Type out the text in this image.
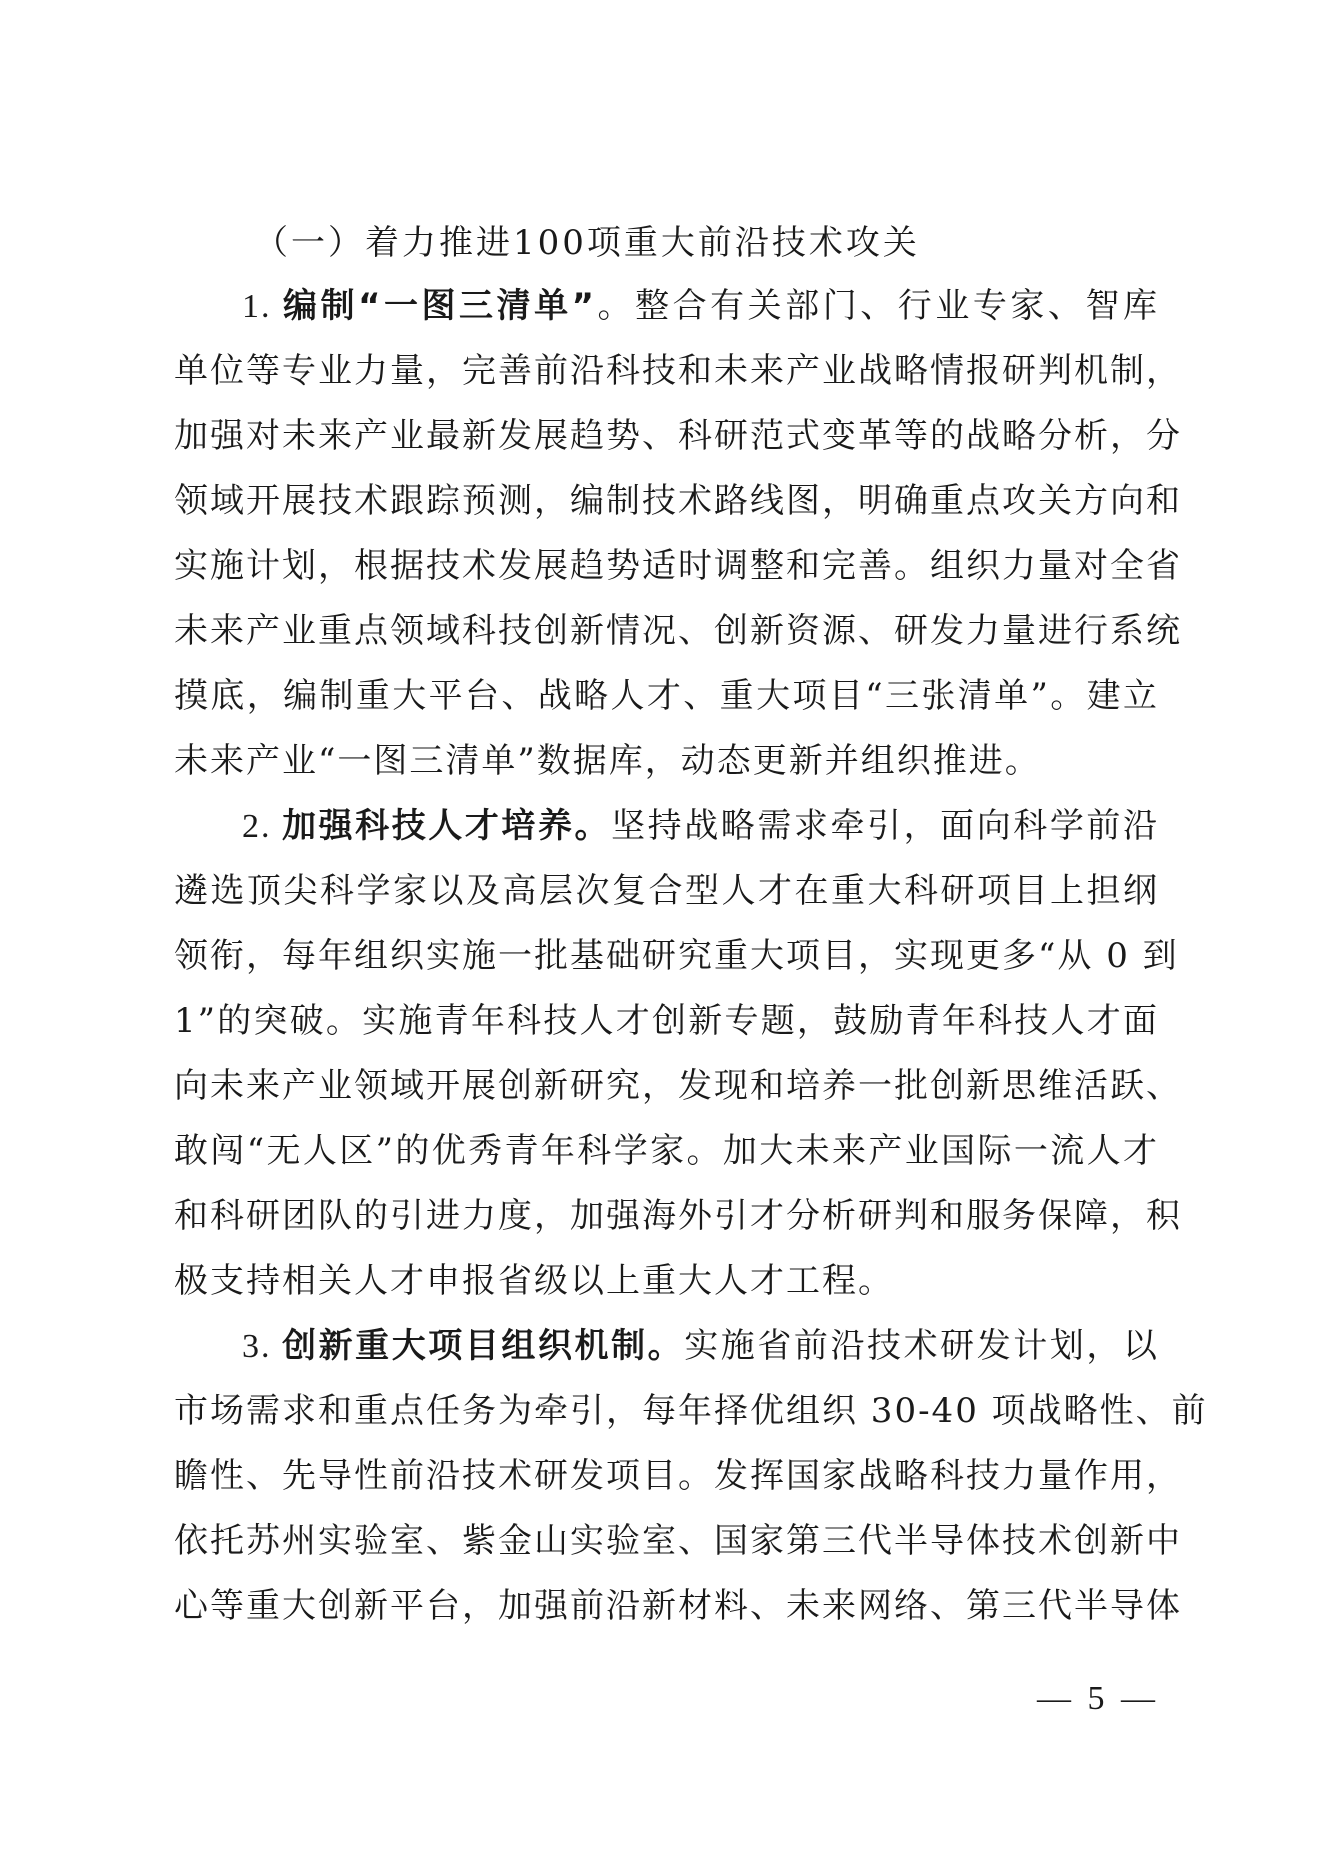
（一）着力推进100项重大前沿技术攻关
1. 编制“一图三清单”。整合有关部门、行业专家、智库
单位等专业力量，完善前沿科技和未来产业战略情报研判机制，
加强对未来产业最新发展趋势、科研范式变革等的战略分析，分
领域开展技术跟踪预测，编制技术路线图，明确重点攻关方向和
实施计划，根据技术发展趋势适时调整和完善。组织力量对全省
未来产业重点领域科技创新情况、创新资源、研发力量进行系统
摸底，编制重大平台、战略人才、重大项目“三张清单”。建立
未来产业“一图三清单”数据库，动态更新并组织推进。
2. 加强科技人才培养。坚持战略需求牵引，面向科学前沿
遴选顶尖科学家以及高层次复合型人才在重大科研项目上担纲
领衔，每年组织实施一批基础研究重大项目，实现更多“从 0 到
1”的突破。实施青年科技人才创新专题，鼓励青年科技人才面
向未来产业领域开展创新研究，发现和培养一批创新思维活跃、
敢闯“无人区”的优秀青年科学家。加大未来产业国际一流人才
和科研团队的引进力度，加强海外引才分析研判和服务保障，积
极支持相关人才申报省级以上重大人才工程。
3. 创新重大项目组织机制。实施省前沿技术研发计划，以
市场需求和重点任务为牵引，每年择优组织 30-40 项战略性、前
瞻性、先导性前沿技术研发项目。发挥国家战略科技力量作用，
依托苏州实验室、紫金山实验室、国家第三代半导体技术创新中
心等重大创新平台，加强前沿新材料、未来网络、第三代半导体
— 5 —
